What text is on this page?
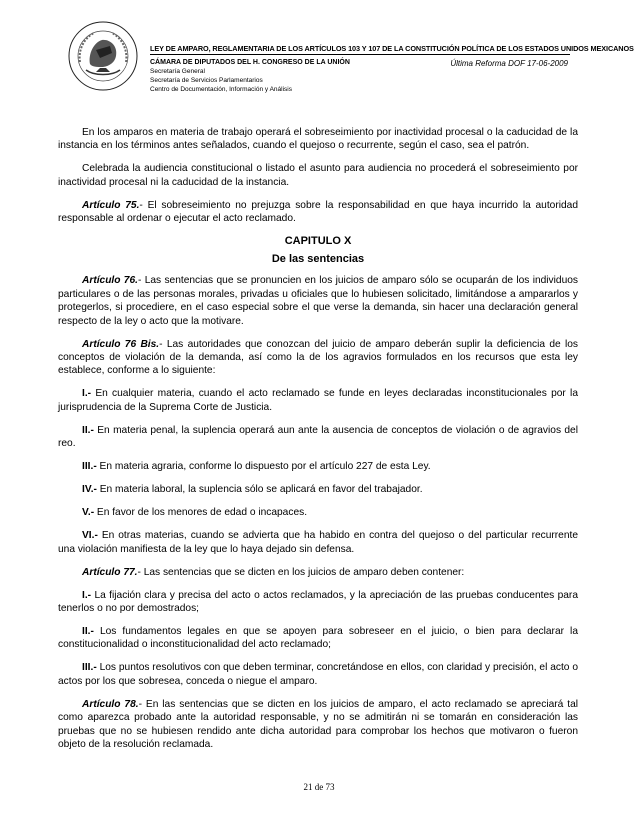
LEY DE AMPARO, REGLAMENTARIA DE LOS ARTÍCULOS 103 Y 107 DE LA CONSTITUCIÓN POLÍTICA DE LOS ESTADOS UNIDOS MEXICANOS
CÁMARA DE DIPUTADOS DEL H. CONGRESO DE LA UNIÓN	Última Reforma DOF 17-06-2009
Secretaría General
Secretaría de Servicios Parlamentarios
Centro de Documentación, Información y Análisis

En los amparos en materia de trabajo operará el sobreseimiento por inactividad procesal o la caducidad de la instancia en los términos antes señalados, cuando el quejoso o recurrente, según el caso, sea el patrón.

Celebrada la audiencia constitucional o listado el asunto para audiencia no procederá el sobreseimiento por inactividad procesal ni la caducidad de la instancia.

Artículo 75.- El sobreseimiento no prejuzga sobre la responsabilidad en que haya incurrido la autoridad responsable al ordenar o ejecutar el acto reclamado.

CAPITULO X
De las sentencias

Artículo 76.- Las sentencias que se pronuncien en los juicios de amparo sólo se ocuparán de los individuos particulares o de las personas morales, privadas u oficiales que lo hubiesen solicitado, limitándose a ampararlos y protegerlos, si procediere, en el caso especial sobre el que verse la demanda, sin hacer una declaración general respecto de la ley o acto que la motivare.

Artículo 76 Bis.- Las autoridades que conozcan del juicio de amparo deberán suplir la deficiencia de los conceptos de violación de la demanda, así como la de los agravios formulados en los recursos que esta ley establece, conforme a lo siguiente:

I.- En cualquier materia, cuando el acto reclamado se funde en leyes declaradas inconstitucionales por la jurisprudencia de la Suprema Corte de Justicia.

II.- En materia penal, la suplencia operará aun ante la ausencia de conceptos de violación o de agravios del reo.

III.- En materia agraria, conforme lo dispuesto por el artículo 227 de esta Ley.

IV.- En materia laboral, la suplencia sólo se aplicará en favor del trabajador.

V.- En favor de los menores de edad o incapaces.

VI.- En otras materias, cuando se advierta que ha habido en contra del quejoso o del particular recurrente una violación manifiesta de la ley que lo haya dejado sin defensa.

Artículo 77.- Las sentencias que se dicten en los juicios de amparo deben contener:

I.- La fijación clara y precisa del acto o actos reclamados, y la apreciación de las pruebas conducentes para tenerlos o no por demostrados;

II.- Los fundamentos legales en que se apoyen para sobreseer en el juicio, o bien para declarar la constitucionalidad o inconstitucionalidad del acto reclamado;

III.- Los puntos resolutivos con que deben terminar, concretándose en ellos, con claridad y precisión, el acto o actos por los que sobresea, conceda o niegue el amparo.

Artículo 78.- En las sentencias que se dicten en los juicios de amparo, el acto reclamado se apreciará tal como aparezca probado ante la autoridad responsable, y no se admitirán ni se tomarán en consideración las pruebas que no se hubiesen rendido ante dicha autoridad para comprobar los hechos que motivaron o fueron objeto de la resolución reclamada.

21 de 73
